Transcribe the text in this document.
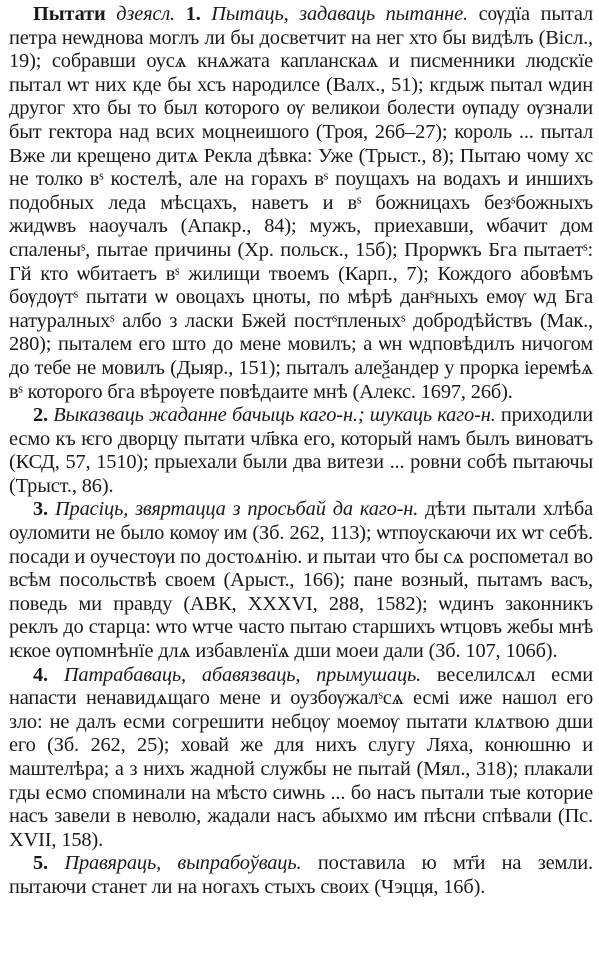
Пытати дзеясл. 1. Пытаць, задаваць пытанне. сѹдїа пытал петра неѡднова моглъ ли бы досветчит на нег хто бы видѣлъ (Вісл., 19); собравши оусѧ кнѧжата капланскаѧ и писменники людскїе пытал ѡт них кде бы хсъ народилсе (Валх., 51); кгдыж пытал ѡдин другог хто бы то был которого ѹ великои болести ѹпаду ѹзнали быт гектора над всих моцнеишого (Троя, 26б–27); король ... пытал Вже ли крещено дитѧ Рекла дѣвка: Уже (Трыст., 8); Пытаю чому хс не толко вˢ костелѣ, але на горахъ вˢ поущахъ на водахъ и иншихъ подобных леда мѣсцахъ, наветъ и вˢ божницахъ безˢбожныхъ жидѡвъ наоучалъ (Апакр., 84); мужъ, приехавши, ѡбачит дом спаленыˢ, пытае причины (Хр. польск., 15б); Прорѡкъ Бга пытаетˢ: Гй кто ѡбитаетъ вˢ жилищи твоемъ (Карп., 7); Кождого абовѣмъ бѹдѹтˢ пытати ѡ овоцахъ цноты, по мѣрѣ данˢныхъ емѹ ѡд Бга натуралныхˢ албо з ласки Бжей постˢпленыхˢ добродѣйствъ (Мак., 280); пыталем его што до мене мовилъ; а ѡн ѡдповѣдилъ ничогом до тебе не мовилъ (Дыяр., 151); пыталъ алеѯандер у прорка іеремѣѧ вˢ которого бга вѣрѹете повѣдаите мнѣ (Алекс. 1697, 26б).

2. Выказваць жаданне бачыць каго-н.; шукаць каго-н. приходили есмо къ ѥго дворцу пытати чл҃вка его, который намъ былъ виноватъ (КСД, 57, 1510); прыехали были два витези ... ровни собѣ пытаючы (Трыст., 86).

3. Прасіць, звяртацца з просьбай да каго-н. дѣти пытали хлѣба оуломити не было комѹ им (Зб. 262, 113); ѡтпоускаючи их ѡт себѣ. посади и оучестѹи по достоѧнію. и пытаи что бы сѧ роспометал во всѣм посольствѣ своем (Арыст., 166); пане возный, пытамъ васъ, поведь ми правду (АВК, XXXVI, 288, 1582); ѡдинъ законникъ реклъ до старца: ѡто ѡтче часто пытаю старшихъ ѡтцовъ жебы мнѣ ѥкое ѹпомнѣнїе длѧ избавленїѧ дши моеи дали (Зб. 107, 106б).

4. Патрабаваць, абавязваць, прымушаць. веселилсѧл есми напасти ненавидѧщаго мене и оузбѹжалˢсѧ есмі иже нашол его зло: не далъ есми согрешити небцѹ моемѹ пытати клѧтвою дши его (Зб. 262, 25); ховай же для нихъ слугу Ляха, конюшню и маштелѣра; а з нихъ жадной службы не пытай (Мял., 318); плакали гды есмо споминали на мѣсто сиѡнь ... бо насъ пытали тые которие насъ завели в неволю, жадали насъ абыхмо им пѣсни спѣвали (Пс. XVII, 158).

5. Правяраць, выпрабоўваць. поставила ю мт҃и на земли. пытаючи станет ли на ногахъ стыхъ своих (Чэцця, 16б).
